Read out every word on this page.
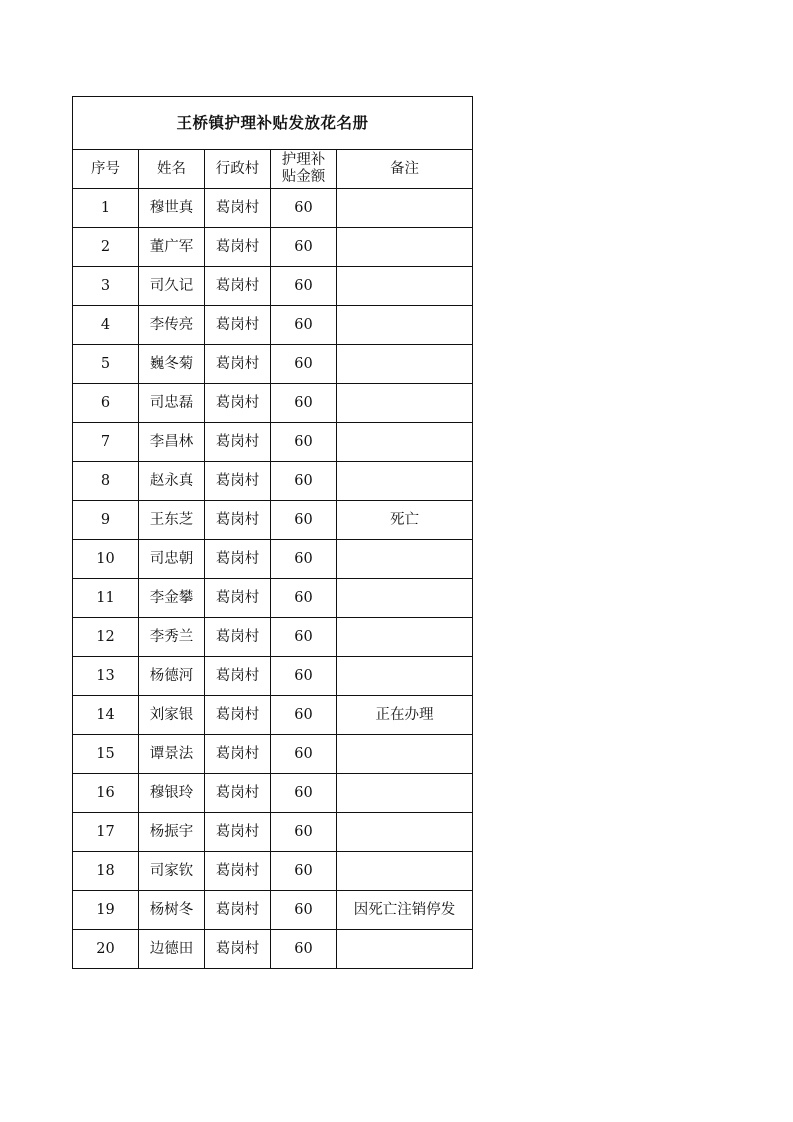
王桥镇护理补贴发放花名册				
序号	姓名	行政村	护理补贴金额	备注
1	穆世真	葛岗村	60	
2	董广军	葛岗村	60	
3	司久记	葛岗村	60	
4	李传亮	葛岗村	60	
5	巍冬菊	葛岗村	60	
6	司忠磊	葛岗村	60	
7	李昌林	葛岗村	60	
8	赵永真	葛岗村	60	
9	王东芝	葛岗村	60	死亡
10	司忠朝	葛岗村	60	
11	李金攀	葛岗村	60	
12	李秀兰	葛岗村	60	
13	杨德河	葛岗村	60	
14	刘家银	葛岗村	60	正在办理
15	谭景法	葛岗村	60	
16	穆银玲	葛岗村	60	
17	杨振宇	葛岗村	60	
18	司家钦	葛岗村	60	
19	杨树冬	葛岗村	60	因死亡注销停发
20	边德田	葛岗村	60	
